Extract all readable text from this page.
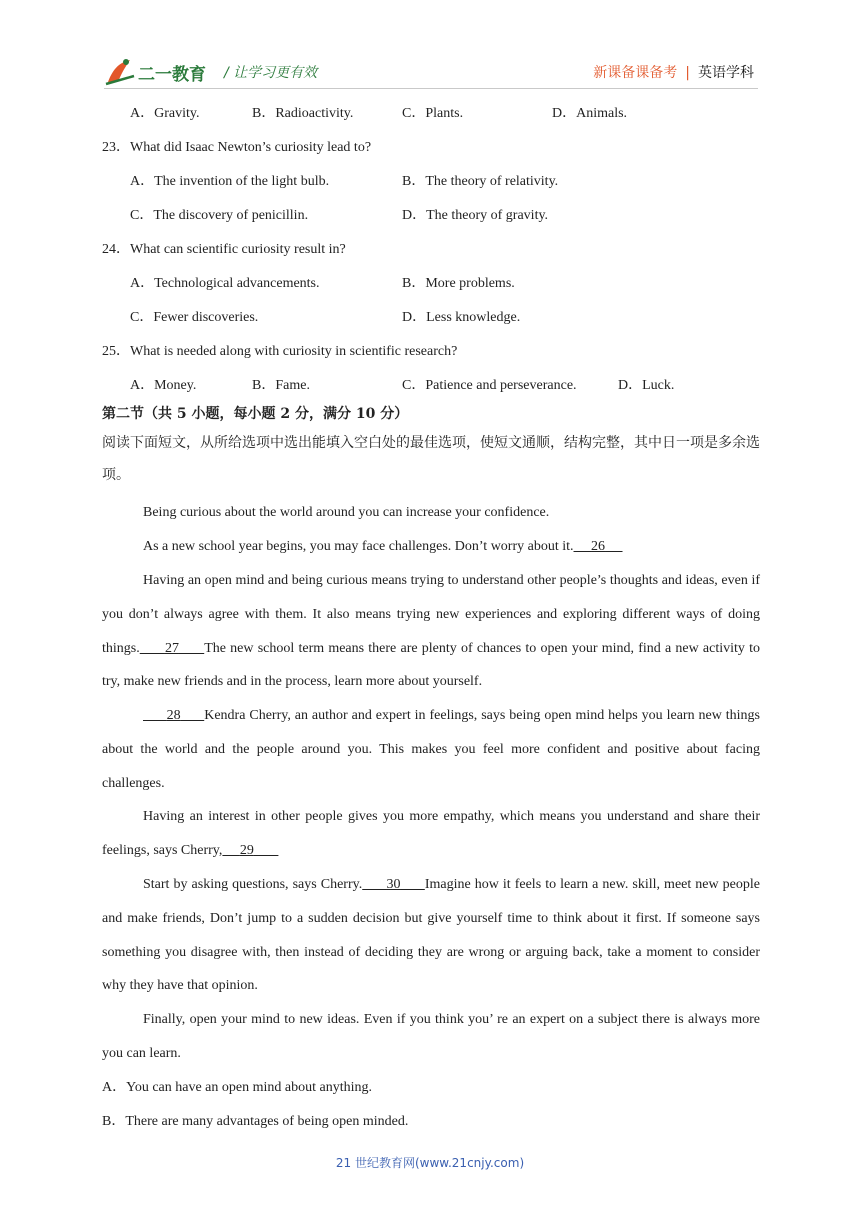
二一教育 / 让学习更有效	新课备课备考 | 英语学科
A．Gravity.	B．Radioactivity.	C．Plants.	D．Animals.
23．What did Isaac Newton’s curiosity lead to?
A．The invention of the light bulb.	B．The theory of relativity.
C．The discovery of penicillin.	D．The theory of gravity.
24．What can scientific curiosity result in?
A．Technological advancements.	B．More problems.
C．Fewer discoveries.	D．Less knowledge.
25．What is needed along with curiosity in scientific research?
A．Money.	B．Fame.	C．Patience and perseverance.	D．Luck.
第二节（共 5 小题，每小题 2 分，满分 10 分）
阅读下面短文，从所给选项中选出能填入空白处的最佳选项，使短文通顺，结构完整，其中日一项是多余选项。
Being curious about the world around you can increase your confidence.
As a new school year begins, you may face challenges. Don’t worry about it. 26
Having an open mind and being curious means trying to understand other people’s thoughts and ideas, even if you don’t always agree with them. It also means trying new experiences and exploring different ways of doing things. 27 The new school term means there are plenty of chances to open your mind, find a new activity to try, make new friends and in the process, learn more about yourself.
28 Kendra Cherry, an author and expert in feelings, says being open mind helps you learn new things about the world and the people around you. This makes you feel more confident and positive about facing challenges.
Having an interest in other people gives you more empathy, which means you understand and share their feelings, says Cherry, 29
Start by asking questions, says Cherry. 30 Imagine how it feels to learn a new. skill, meet new people and make friends, Don’t jump to a sudden decision but give yourself time to think about it first. If someone says something you disagree with, then instead of deciding they are wrong or arguing back, take a moment to consider why they have that opinion.
Finally, open your mind to new ideas. Even if you think you’ re an expert on a subject there is always more you can learn.
A．You can have an open mind about anything.
B．There are many advantages of being open minded.
21 世纪教育网(www.21cnjy.com)
